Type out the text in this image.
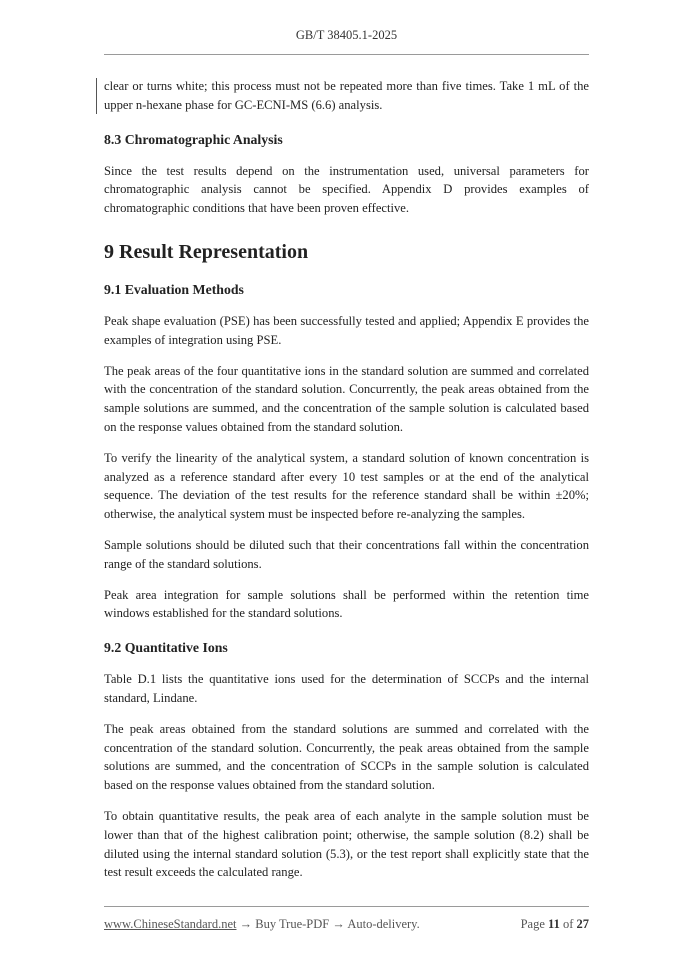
GB/T 38405.1-2025

clear or turns white; this process must not be repeated more than five times. Take 1 mL of the upper n-hexane phase for GC-ECNI-MS (6.6) analysis.

8.3 Chromatographic Analysis

Since the test results depend on the instrumentation used, universal parameters for chromatographic analysis cannot be specified. Appendix D provides examples of chromatographic conditions that have been proven effective.

9 Result Representation
9.1 Evaluation Methods

Peak shape evaluation (PSE) has been successfully tested and applied; Appendix E provides the examples of integration using PSE.

The peak areas of the four quantitative ions in the standard solution are summed and correlated with the concentration of the standard solution. Concurrently, the peak areas obtained from the sample solutions are summed, and the concentration of the sample solution is calculated based on the response values obtained from the standard solution.

To verify the linearity of the analytical system, a standard solution of known concentration is analyzed as a reference standard after every 10 test samples or at the end of the analytical sequence. The deviation of the test results for the reference standard shall be within ±20%; otherwise, the analytical system must be inspected before re-analyzing the samples.

Sample solutions should be diluted such that their concentrations fall within the concentration range of the standard solutions.

Peak area integration for sample solutions shall be performed within the retention time windows established for the standard solutions.

9.2 Quantitative Ions

Table D.1 lists the quantitative ions used for the determination of SCCPs and the internal standard, Lindane.

The peak areas obtained from the standard solutions are summed and correlated with the concentration of the standard solution. Concurrently, the peak areas obtained from the sample solutions are summed, and the concentration of SCCPs in the sample solution is calculated based on the response values obtained from the standard solution.

To obtain quantitative results, the peak area of each analyte in the sample solution must be lower than that of the highest calibration point; otherwise, the sample solution (8.2) shall be diluted using the internal standard solution (5.3), or the test report shall explicitly state that the test result exceeds the calculated range.

www.ChineseStandard.net → Buy True-PDF → Auto-delivery.	Page 11 of 27
